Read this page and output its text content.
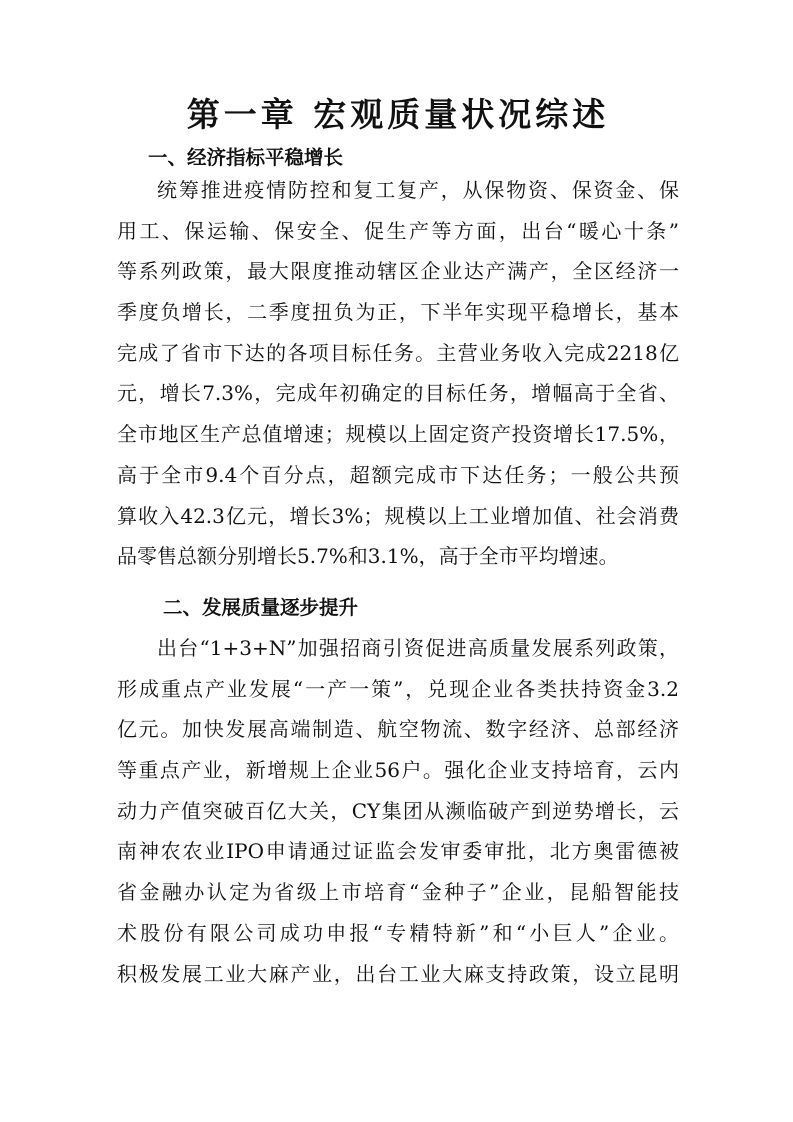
第一章 宏观质量状况综述
一、经济指标平稳增长
统筹推进疫情防控和复工复产，从保物资、保资金、保
用工、保运输、保安全、促生产等方面，出台“暖心十条”
等系列政策，最大限度推动辖区企业达产满产，全区经济一
季度负增长，二季度扭负为正，下半年实现平稳增长，基本
完成了省市下达的各项目标任务。主营业务收入完成2218亿
元，增长7.3%，完成年初确定的目标任务，增幅高于全省、
全市地区生产总值增速；规模以上固定资产投资增长17.5%，
高于全市9.4个百分点，超额完成市下达任务；一般公共预
算收入42.3亿元，增长3%；规模以上工业增加值、社会消费
品零售总额分别增长5.7%和3.1%，高于全市平均增速。
二、发展质量逐步提升
出台“1+3+N”加强招商引资促进高质量发展系列政策，
形成重点产业发展“一产一策”，兑现企业各类扶持资金3.2
亿元。加快发展高端制造、航空物流、数字经济、总部经济
等重点产业，新增规上企业56户。强化企业支持培育，云内
动力产值突破百亿大关，CY集团从濒临破产到逆势增长，云
南神农农业IPO申请通过证监会发审委审批，北方奥雷德被
省金融办认定为省级上市培育“金种子”企业，昆船智能技
术股份有限公司成功申报“专精特新”和“小巨人”企业。
积极发展工业大麻产业，出台工业大麻支持政策，设立昆明
